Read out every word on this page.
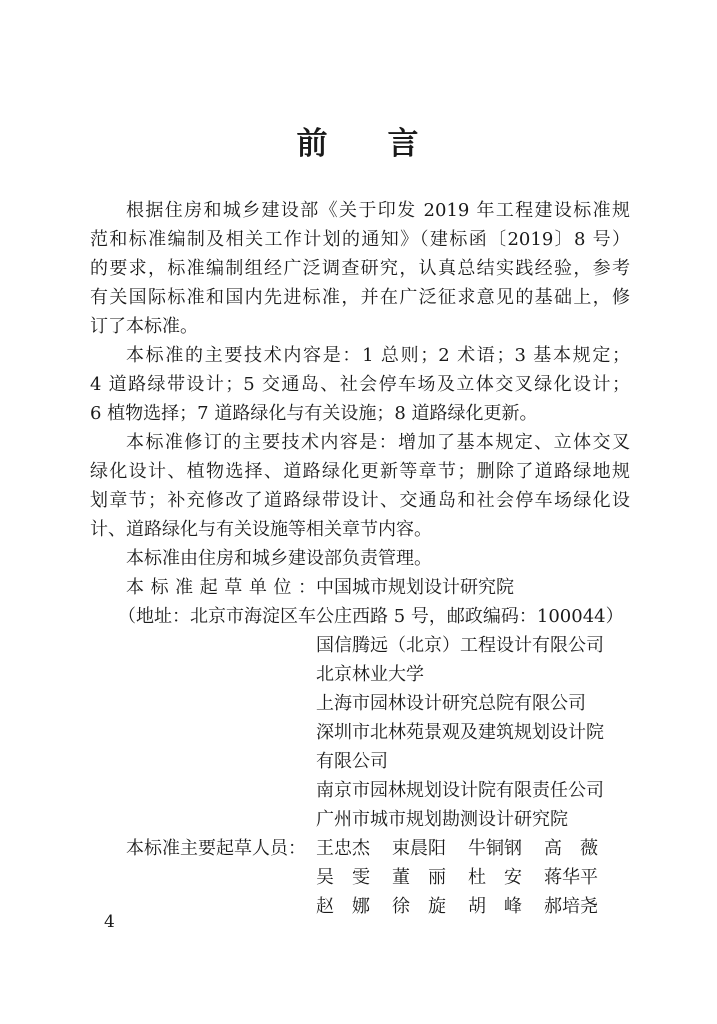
前 言
根据住房和城乡建设部《关于印发 2019 年工程建设标准规
范和标准编制及相关工作计划的通知》（建标函〔2019〕8 号）
的要求，标准编制组经广泛调查研究，认真总结实践经验，参考
有关国际标准和国内先进标准，并在广泛征求意见的基础上，修
订了本标准。
本标准的主要技术内容是：1 总则；2 术语；3 基本规定；
4 道路绿带设计；5 交通岛、社会停车场及立体交叉绿化设计；
6 植物选择；7 道路绿化与有关设施；8 道路绿化更新。
本标准修订的主要技术内容是：增加了基本规定、立体交叉
绿化设计、植物选择、道路绿化更新等章节；删除了道路绿地规
划章节；补充修改了道路绿带设计、交通岛和社会停车场绿化设
计、道路绿化与有关设施等相关章节内容。
本标准由住房和城乡建设部负责管理。
本标准起草单位： 中国城市规划设计研究院
（地址：北京市海淀区车公庄西路 5 号，邮政编码：100044）
国信腾远（北京）工程设计有限公司
北京林业大学
上海市园林设计研究总院有限公司
深圳市北林苑景观及建筑规划设计院
有限公司
南京市园林规划设计院有限责任公司
广州市城市规划勘测设计研究院
本标准主要起草人员： 王忠杰 束晨阳 牛铜钢 高　薇
吴　雯 董　丽 杜　安 蒋华平
赵　娜 徐　旋 胡　峰 郝培尧
4
